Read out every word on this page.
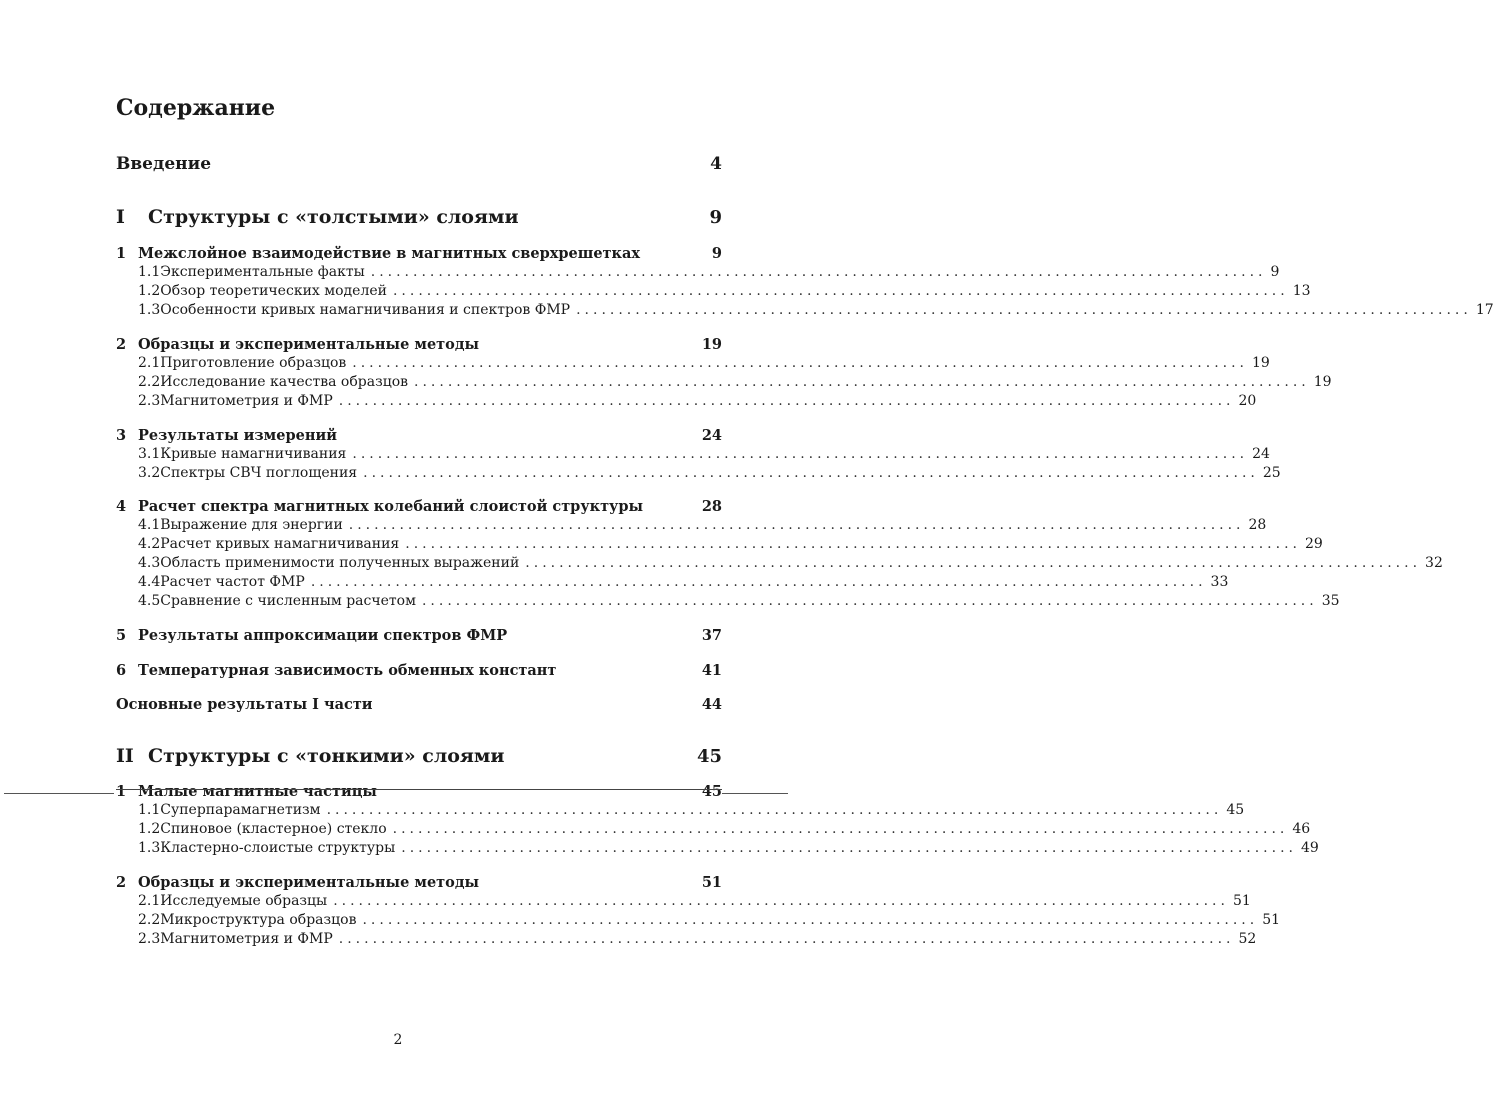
Содержание
Введение	4
I	Структуры с «толстыми» слоями	9
1 Межслойное взаимодействие в магнитных сверхрешетках	9
1.1 Экспериментальные факты .......................................................................................................... 9
1.2 Обзор теоретических моделей .......................................................................................................... 13
1.3 Особенности кривых намагничивания и спектров ФМР .......................................................................................................... 17
2 Образцы и экспериментальные методы	19
2.1 Приготовление образцов .......................................................................................................... 19
2.2 Исследование качества образцов .......................................................................................................... 19
2.3 Магнитометрия и ФМР .......................................................................................................... 20
3 Результаты измерений	24
3.1 Кривые намагничивания .......................................................................................................... 24
3.2 Спектры СВЧ поглощения .......................................................................................................... 25
4 Расчет спектра магнитных колебаний слоистой структуры	28
4.1 Выражение для энергии .......................................................................................................... 28
4.2 Расчет кривых намагничивания .......................................................................................................... 29
4.3 Область применимости полученных выражений .......................................................................................................... 32
4.4 Расчет частот ФМР .......................................................................................................... 33
4.5 Сравнение с численным расчетом .......................................................................................................... 35
5 Результаты аппроксимации спектров ФМР	37
6 Температурная зависимость обменных констант	41
Основные результаты I части	44
II Структуры с «тонкими» слоями	45
1 Малые магнитные частицы	45
1.1 Суперпарамагнетизм .......................................................................................................... 45
1.2 Спиновое (кластерное) стекло .......................................................................................................... 46
1.3 Кластерно-слоистые структуры .......................................................................................................... 49
2 Образцы и экспериментальные методы	51
2.1 Исследуемые образцы .......................................................................................................... 51
2.2 Микроструктура образцов .......................................................................................................... 51
2.3 Магнитометрия и ФМР .......................................................................................................... 52
2
